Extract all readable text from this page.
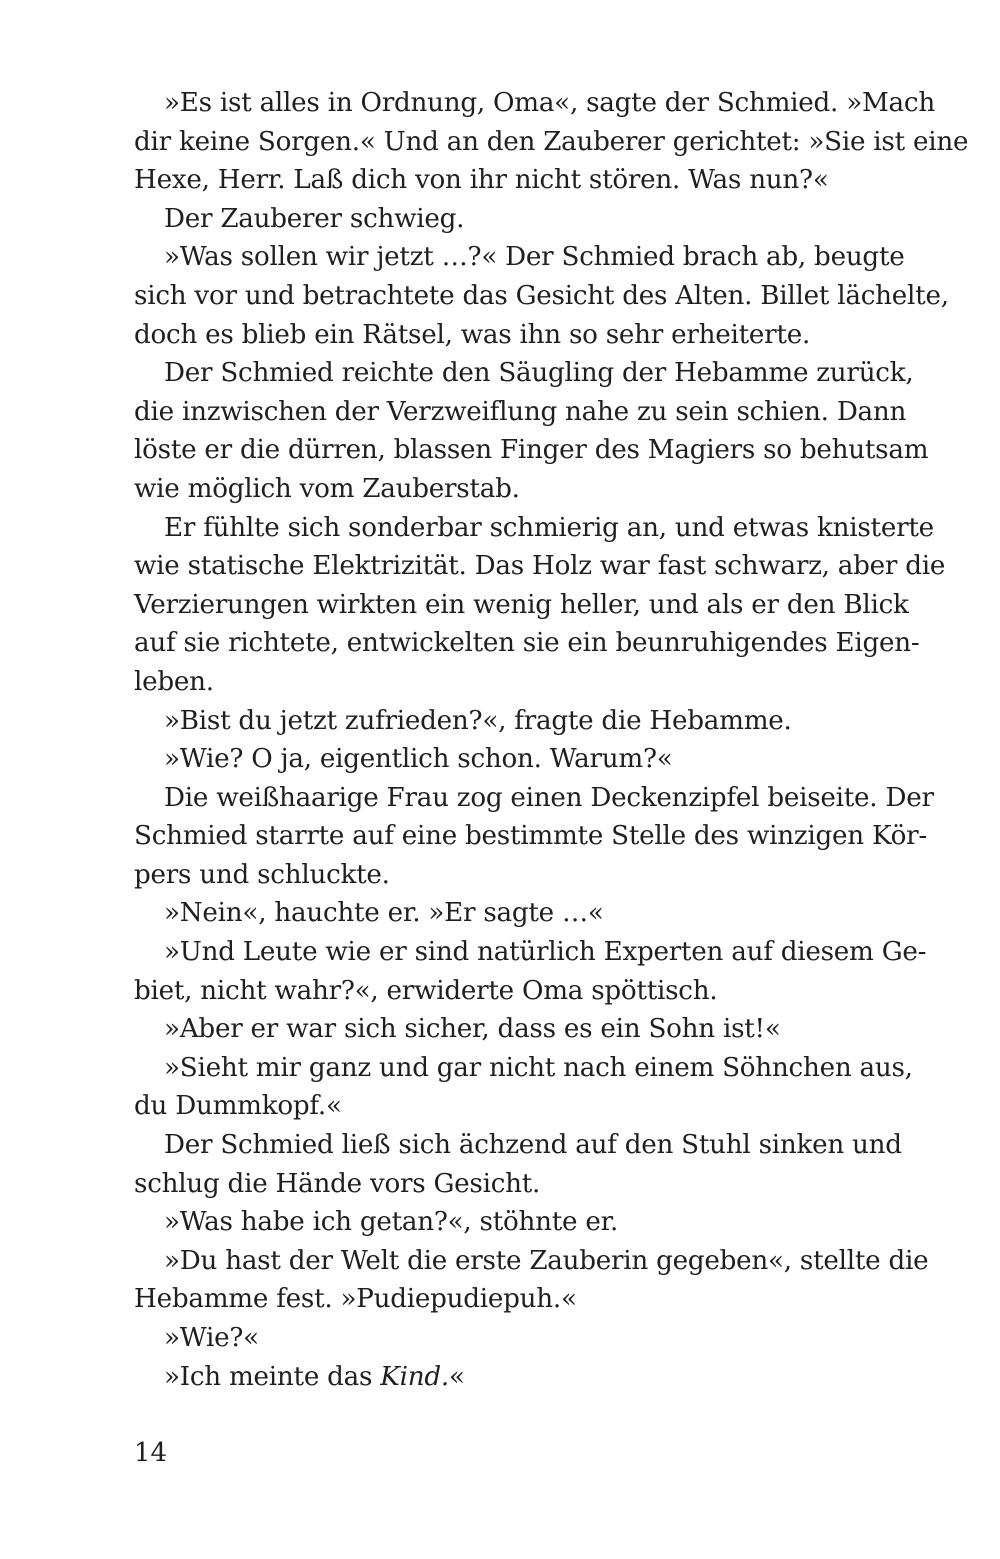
»Es ist alles in Ordnung, Oma«, sagte der Schmied. »Mach
dir keine Sorgen.« Und an den Zauberer gerichtet: »Sie ist eine
Hexe, Herr. Laß dich von ihr nicht stören. Was nun?«
Der Zauberer schwieg.
»Was sollen wir jetzt …?« Der Schmied brach ab, beugte
sich vor und betrachtete das Gesicht des Alten. Billet lächelte,
doch es blieb ein Rätsel, was ihn so sehr erheiterte.
Der Schmied reichte den Säugling der Hebamme zurück,
die inzwischen der Verzweiflung nahe zu sein schien. Dann
löste er die dürren, blassen Finger des Magiers so behutsam
wie möglich vom Zauberstab.
Er fühlte sich sonderbar schmierig an, und etwas knisterte
wie statische Elektrizität. Das Holz war fast schwarz, aber die
Verzierungen wirkten ein wenig heller, und als er den Blick
auf sie richtete, entwickelten sie ein beunruhigendes Eigen-
leben.
»Bist du jetzt zufrieden?«, fragte die Hebamme.
»Wie? O ja, eigentlich schon. Warum?«
Die weißhaarige Frau zog einen Deckenzipfel beiseite. Der
Schmied starrte auf eine bestimmte Stelle des winzigen Kör-
pers und schluckte.
»Nein«, hauchte er. »Er sagte …«
»Und Leute wie er sind natürlich Experten auf diesem Ge-
biet, nicht wahr?«, erwiderte Oma spöttisch.
»Aber er war sich sicher, dass es ein Sohn ist!«
»Sieht mir ganz und gar nicht nach einem Söhnchen aus,
du Dummkopf.«
Der Schmied ließ sich ächzend auf den Stuhl sinken und
schlug die Hände vors Gesicht.
»Was habe ich getan?«, stöhnte er.
»Du hast der Welt die erste Zauberin gegeben«, stellte die
Hebamme fest. »Pudiepudiepuh.«
»Wie?«
»Ich meinte das Kind.«
14
